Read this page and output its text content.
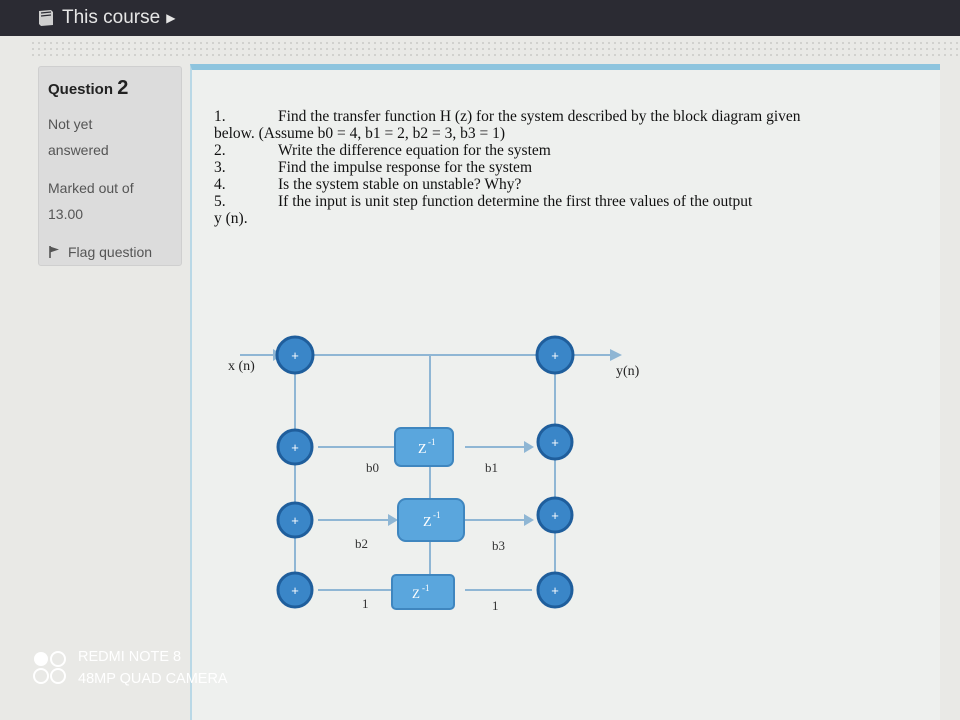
This course ▶
Question 2
Not yet
answered
Marked out of
13.00
Flag question
1.	Find the transfer function H (z) for the system described by the block diagram given
below. (Assume b0 = 4, b1 = 2, b2 = 3, b3 = 1)
2.	Write the difference equation for the system
3.	Find the impulse response for the system
4.	Is the system stable on unstable? Why?
5.	If the input is unit step function determine the first three values of the output
y (n).
x (n)	y(n)
b0	b1
b2	b3
1	1
Z -1
Z -1
Z -1
+	+
+	+
+	+
+	+
REDMI NOTE 8
48MP QUAD CAMERA
